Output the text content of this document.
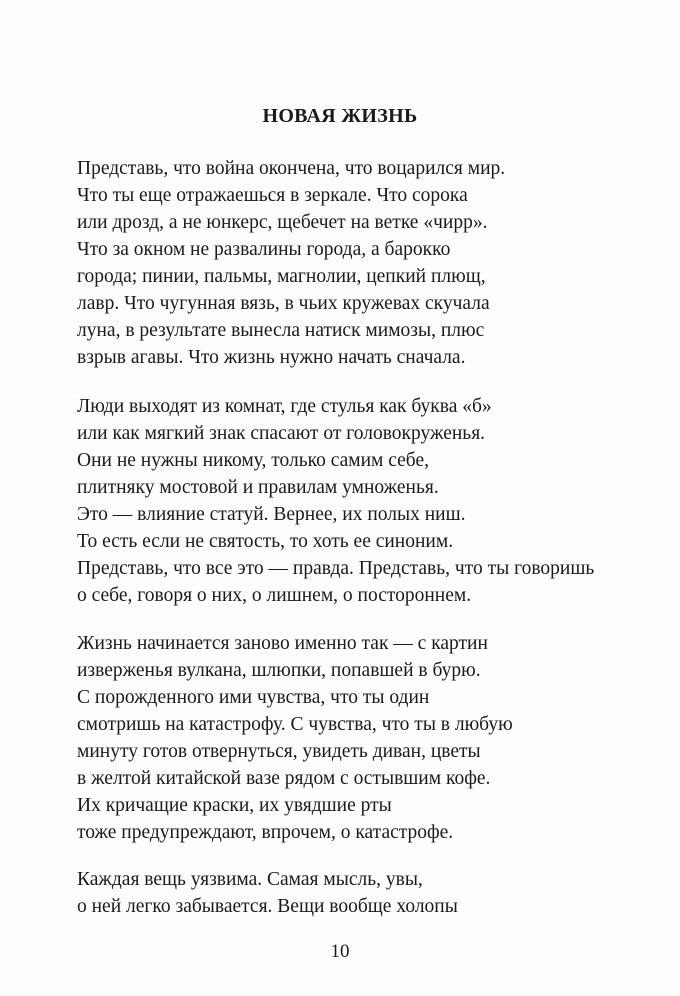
НОВАЯ ЖИЗНЬ
Представь, что война окончена, что воцарился мир.
Что ты еще отражаешься в зеркале. Что сорока
или дрозд, а не юнкерс, щебечет на ветке «чирр».
Что за окном не развалины города, а барокко
города; пинии, пальмы, магнолии, цепкий плющ,
лавр. Что чугунная вязь, в чьих кружевах скучала
луна, в результате вынесла натиск мимозы, плюс
взрыв агавы. Что жизнь нужно начать сначала.
Люди выходят из комнат, где стулья как буква «б»
или как мягкий знак спасают от головокруженья.
Они не нужны никому, только самим себе,
плитняку мостовой и правилам умноженья.
Это — влияние статуй. Вернее, их полых ниш.
То есть если не святость, то хоть ее синоним.
Представь, что все это — правда. Представь, что ты говоришь
о себе, говоря о них, о лишнем, о постороннем.
Жизнь начинается заново именно так — с картин
изверженья вулкана, шлюпки, попавшей в бурю.
С порожденного ими чувства, что ты один
смотришь на катастрофу. С чувства, что ты в любую
минуту готов отвернуться, увидеть диван, цветы
в желтой китайской вазе рядом с остывшим кофе.
Их кричащие краски, их увядшие рты
тоже предупреждают, впрочем, о катастрофе.
Каждая вещь уязвима. Самая мысль, увы,
о ней легко забывается. Вещи вообще холопы
10
